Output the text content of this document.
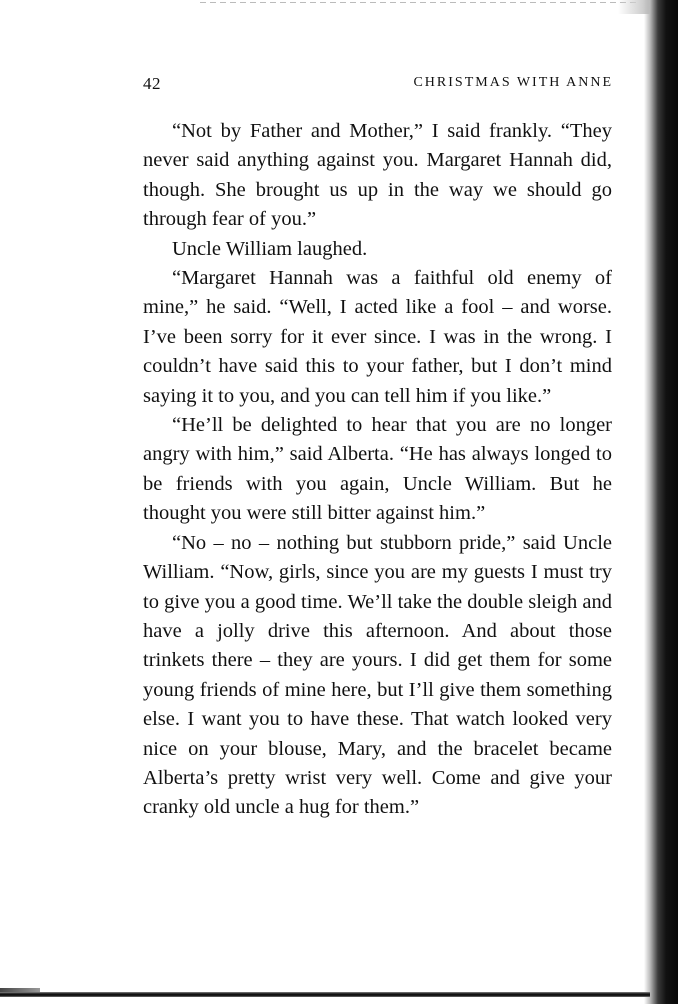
42	CHRISTMAS WITH ANNE

“Not by Father and Mother,” I said frankly. “They never said anything against you. Margaret Hannah did, though. She brought us up in the way we should go through fear of you.”

Uncle William laughed.

“Margaret Hannah was a faithful old enemy of mine,” he said. “Well, I acted like a fool – and worse. I’ve been sorry for it ever since. I was in the wrong. I couldn’t have said this to your father, but I don’t mind saying it to you, and you can tell him if you like.”

“He’ll be delighted to hear that you are no longer angry with him,” said Alberta. “He has always longed to be friends with you again, Uncle William. But he thought you were still bitter against him.”

“No – no – nothing but stubborn pride,” said Uncle William. “Now, girls, since you are my guests I must try to give you a good time. We’ll take the double sleigh and have a jolly drive this afternoon. And about those trinkets there – they are yours. I did get them for some young friends of mine here, but I’ll give them something else. I want you to have these. That watch looked very nice on your blouse, Mary, and the bracelet became Alberta’s pretty wrist very well. Come and give your cranky old uncle a hug for them.”
